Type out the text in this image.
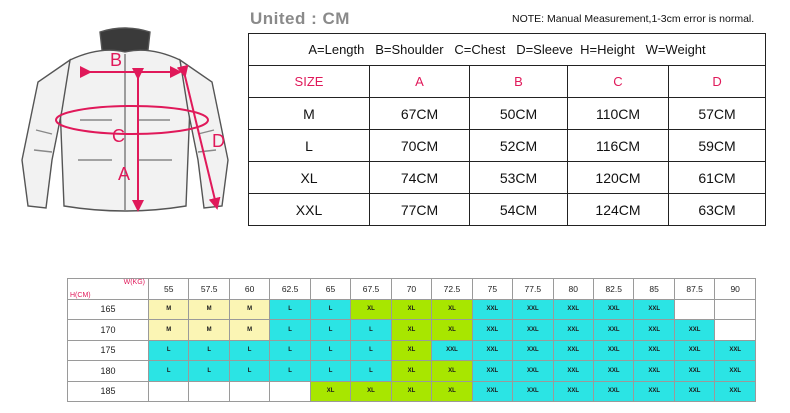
B
C
A
D
United : CM	NOTE: Manual Measurement,1-3cm error is normal.
A=Length B=Shoulder C=Chest D=Sleeve H=Height W=Weight				
SIZE	A	B	C	D
M	67CM	50CM	110CM	57CM
L	70CM	52CM	116CM	59CM
XL	74CM	53CM	120CM	61CM
XXL	77CM	54CM	124CM	63CM
W(KG)
H(CM)	55	57.5	60	62.5	65	67.5	70	72.5	75	77.5	80	82.5	85	87.5	90
165	M	M	M	L	L	XL	XL	XL	XXL	XXL	XXL	XXL	XXL		
170	M	M	M	L	L	L	XL	XL	XXL	XXL	XXL	XXL	XXL	XXL	
175	L	L	L	L	L	L	XL	XXL	XXL	XXL	XXL	XXL	XXL	XXL	XXL
180	L	L	L	L	L	L	XL	XL	XXL	XXL	XXL	XXL	XXL	XXL	XXL
185					XL	XL	XL	XL	XXL	XXL	XXL	XXL	XXL	XXL	XXL
